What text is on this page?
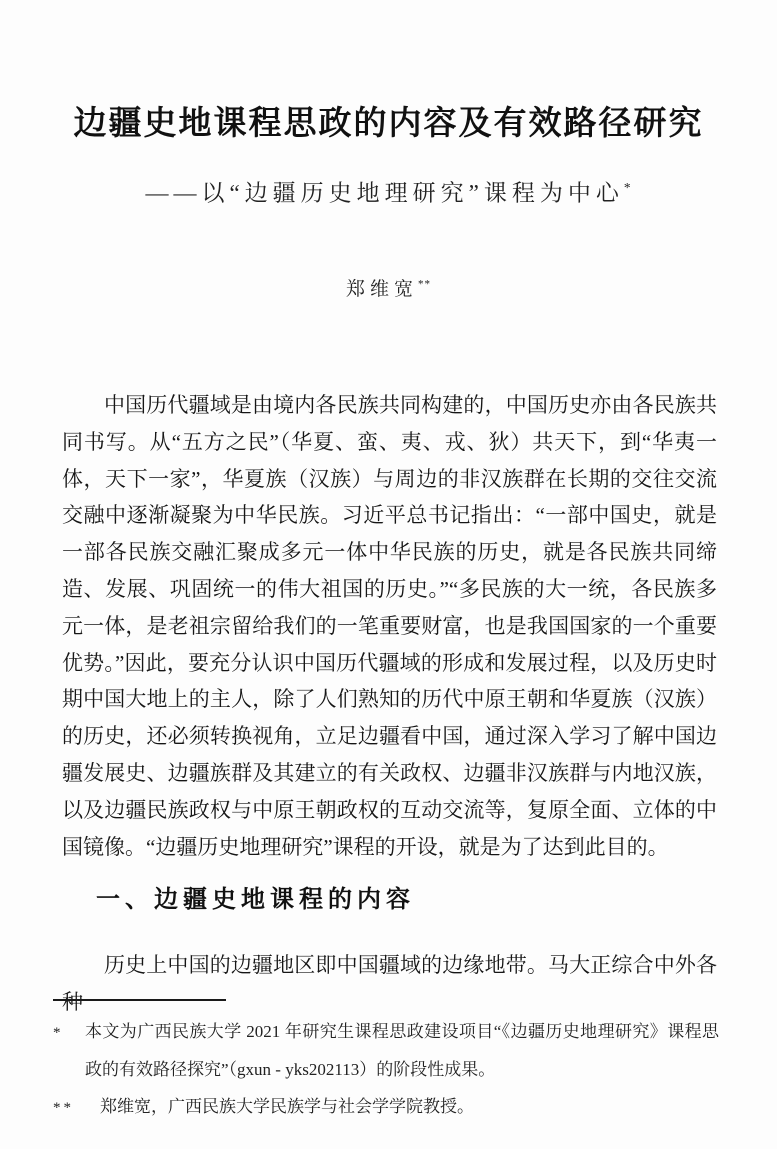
边疆史地课程思政的内容及有效路径研究
——以“边疆历史地理研究”课程为中心*
郑维宽**

中国历代疆域是由境内各民族共同构建的，中国历史亦由各民族共同书写。从“五方之民”（华夏、蛮、夷、戎、狄）共天下，到“华夷一体，天下一家”，华夏族（汉族）与周边的非汉族群在长期的交往交流交融中逐渐凝聚为中华民族。习近平总书记指出：“一部中国史，就是一部各民族交融汇聚成多元一体中华民族的历史，就是各民族共同缔造、发展、巩固统一的伟大祖国的历史。”“多民族的大一统，各民族多元一体，是老祖宗留给我们的一笔重要财富，也是我国国家的一个重要优势。”因此，要充分认识中国历代疆域的形成和发展过程，以及历史时期中国大地上的主人，除了人们熟知的历代中原王朝和华夏族（汉族）的历史，还必须转换视角，立足边疆看中国，通过深入学习了解中国边疆发展史、边疆族群及其建立的有关政权、边疆非汉族群与内地汉族，以及边疆民族政权与中原王朝政权的互动交流等，复原全面、立体的中国镜像。“边疆历史地理研究”课程的开设，就是为了达到此目的。

一、边疆史地课程的内容

历史上中国的边疆地区即中国疆域的边缘地带。马大正综合中外各种

*	本文为广西民族大学 2021 年研究生课程思政建设项目“《边疆历史地理研究》课程思政的有效路径探究”（gxun - yks202113）的阶段性成果。
**	郑维宽，广西民族大学民族学与社会学学院教授。
